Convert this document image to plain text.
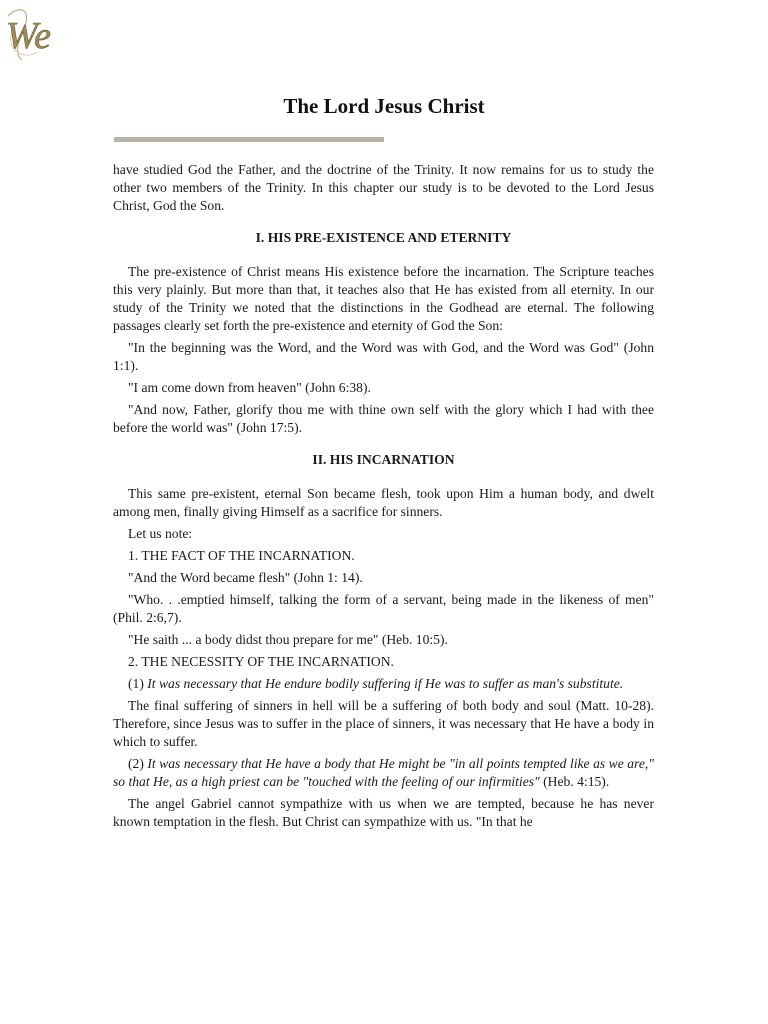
We
The Lord Jesus Christ

have studied God the Father, and the doctrine of the Trinity. It now remains for us to study the other two members of the Trinity. In this chapter our study is to be devoted to the Lord Jesus Christ, God the Son.

I. HIS PRE-EXISTENCE AND ETERNITY

The pre-existence of Christ means His existence before the incarnation. The Scripture teaches this very plainly. But more than that, it teaches also that He has existed from all eternity. In our study of the Trinity we noted that the distinctions in the Godhead are eternal. The following passages clearly set forth the pre-existence and eternity of God the Son:

"In the beginning was the Word, and the Word was with God, and the Word was God" (John 1:1).

"I am come down from heaven" (John 6:38).

"And now, Father, glorify thou me with thine own self with the glory which I had with thee before the world was" (John 17:5).

II. HIS INCARNATION

This same pre-existent, eternal Son became flesh, took upon Him a human body, and dwelt among men, finally giving Himself as a sacrifice for sinners.

Let us note:

1. THE FACT OF THE INCARNATION.

"And the Word became flesh" (John 1: 14).

"Who. . .emptied himself, talking the form of a servant, being made in the likeness of men" (Phil. 2:6,7).

"He saith ... a body didst thou prepare for me" (Heb. 10:5).

2. THE NECESSITY OF THE INCARNATION.

(1) It was necessary that He endure bodily suffering if He was to suffer as man's substitute.

The final suffering of sinners in hell will be a suffering of both body and soul (Matt. 10-28). Therefore, since Jesus was to suffer in the place of sinners, it was necessary that He have a body in which to suffer.

(2) It was necessary that He have a body that He might be "in all points tempted like as we are," so that He, as a high priest can be "touched with the feeling of our infirmities" (Heb. 4:15).

The angel Gabriel cannot sympathize with us when we are tempted, because he has never known temptation in the flesh. But Christ can sympathize with us. "In that he
